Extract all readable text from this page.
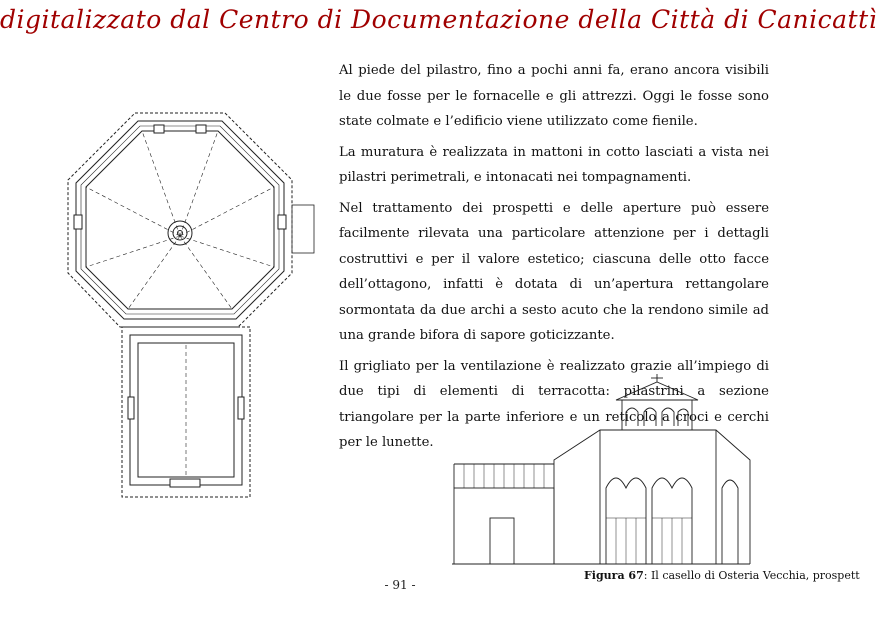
digitalizzato dal Centro di Documentazione della Città di Canicattì

Al piede del pilastro, fino a pochi anni fa, erano ancora visibili le due fosse per le fornacelle e gli attrezzi. Oggi le fosse sono state colmate e l’edificio viene utilizzato come fienile.

La muratura è realizzata in mattoni in cotto lasciati a vista nei pilastri perimetrali, e intonacati nei tompagnamenti.

Nel trattamento dei prospetti e delle aperture può essere facilmente rilevata una particolare attenzione per i dettagli costruttivi e per il valore estetico; ciascuna delle otto facce dell’ottagono, infatti è dotata di un’apertura rettangolare sormontata da due archi a sesto acuto che la rendono simile ad una grande bifora di sapore goticizzante.

Il grigliato per la ventilazione è realizzato grazie all’impiego di due tipi di elementi di terracotta: pilastrini a sezione triangolare per la parte inferiore e un reticolo a croci e cerchi per le lunette.

Figura 67: Il casello di Osteria Vecchia, prospett
- 91 -
